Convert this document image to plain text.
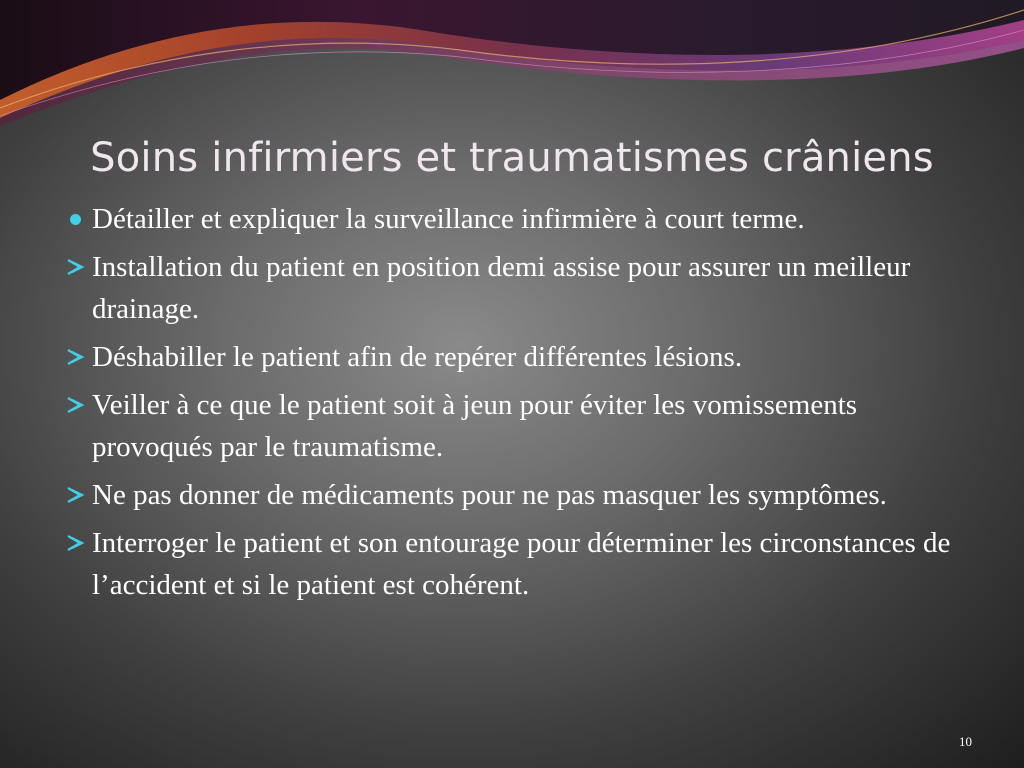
Soins infirmiers et traumatismes crâniens
Détailler et expliquer la surveillance infirmière à court terme.
Installation du patient en position demi assise pour assurer un meilleur drainage.
Déshabiller le patient afin de repérer différentes lésions.
Veiller à ce que le patient soit à jeun pour éviter les vomissements provoqués par le traumatisme.
Ne pas donner de médicaments pour ne pas masquer les symptômes.
Interroger le patient et son entourage pour déterminer les circonstances de l’accident et si le patient est cohérent.
10
